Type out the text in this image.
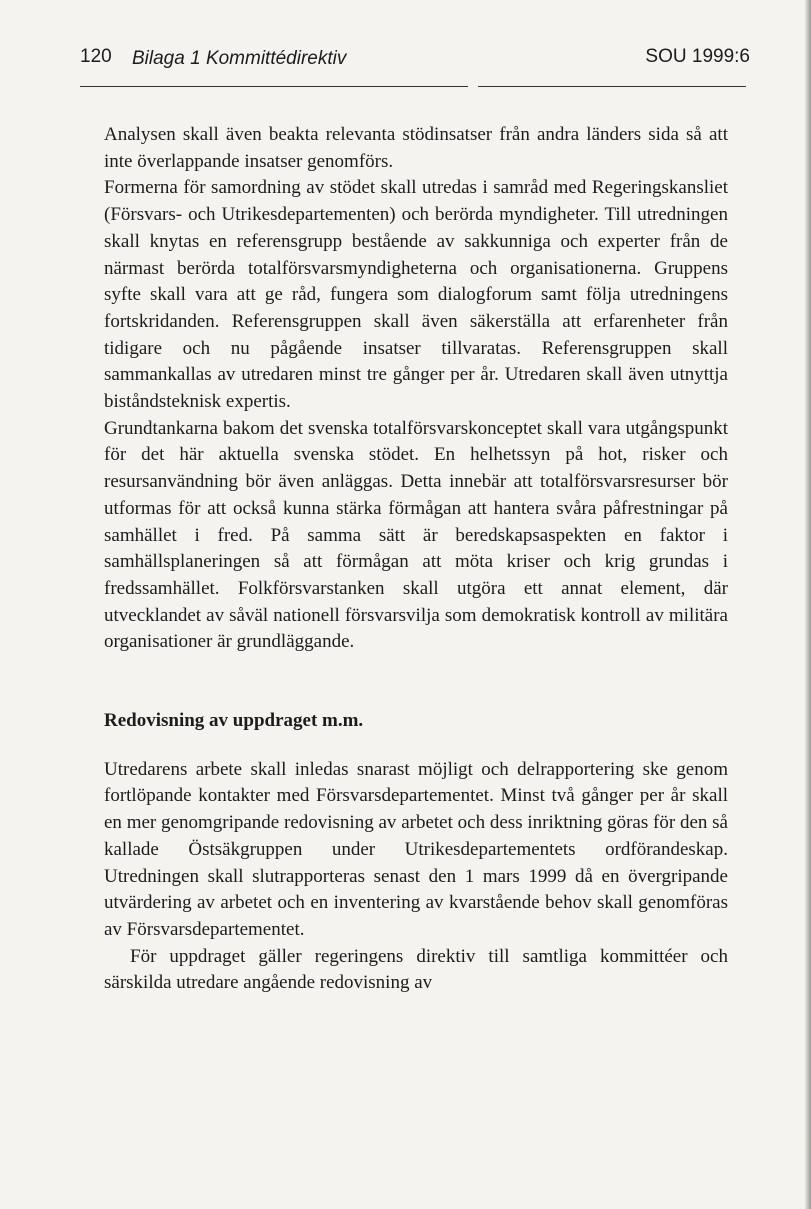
120 Bilaga 1 Kommittédirektiv	SOU 1999:6

Analysen skall även beakta relevanta stödinsatser från andra länders sida så att inte överlappande insatser genomförs.

Formerna för samordning av stödet skall utredas i samråd med Regeringskansliet (Försvars- och Utrikesdepartementen) och berörda myndigheter. Till utredningen skall knytas en referensgrupp bestående av sakkunniga och experter från de närmast berörda totalförsvarsmyndigheterna och organisationerna. Gruppens syfte skall vara att ge råd, fungera som dialogforum samt följa utredningens fortskridanden. Referensgruppen skall även säkerställa att erfarenheter från tidigare och nu pågående insatser tillvaratas. Referensgruppen skall sammankallas av utredaren minst tre gånger per år. Utredaren skall även utnyttja biståndsteknisk expertis.

Grundtankarna bakom det svenska totalförsvarskonceptet skall vara utgångspunkt för det här aktuella svenska stödet. En helhetssyn på hot, risker och resursanvändning bör även anläggas. Detta innebär att totalförsvarsresurser bör utformas för att också kunna stärka förmågan att hantera svåra påfrestningar på samhället i fred. På samma sätt är beredskapsaspekten en faktor i samhällsplaneringen så att förmågan att möta kriser och krig grundas i fredssamhället. Folkförsvarstanken skall utgöra ett annat element, där utvecklandet av såväl nationell försvarsvilja som demokratisk kontroll av militära organisationer är grundläggande.

Redovisning av uppdraget m.m.

Utredarens arbete skall inledas snarast möjligt och delrapportering ske genom fortlöpande kontakter med Försvarsdepartementet. Minst två gånger per år skall en mer genomgripande redovisning av arbetet och dess inriktning göras för den så kallade Östsäkgruppen under Utrikesdepartementets ordförandeskap. Utredningen skall slutrapporteras senast den 1 mars 1999 då en övergripande utvärdering av arbetet och en inventering av kvarstående behov skall genomföras av Försvarsdepartementet.

För uppdraget gäller regeringens direktiv till samtliga kommittéer och särskilda utredare angående redovisning av
